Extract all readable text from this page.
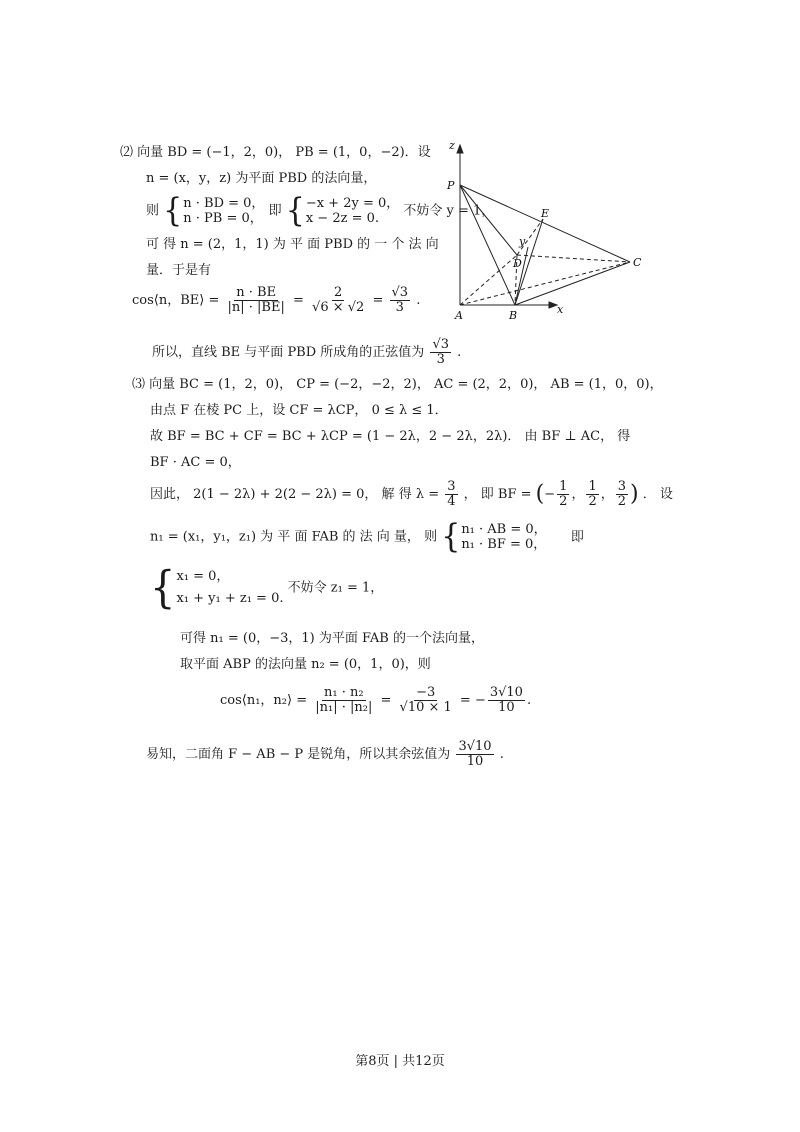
⑵ 向量 BD = (−1，2，0)， PB = (1，0，−2)．设
n = (x，y，z) 为平面 PBD 的法向量，
则 { n · BD = 0，
n · PB = 0， 即 { −x + 2y = 0，
x − 2z = 0.	不妨令 y = 1，
可 得 n = (2，1，1) 为 平 面 PBD 的 一 个 法 向
量．于是有
cos⟨n，BE⟩ = $\frac{n \cdot BE}{|n| \cdot |BE|} = \frac{2}{√6 \times √2} = \frac{√3}{3}$ .
所以，直线 BE 与平面 PBD 所成角的正弦值为 $\frac{√3}{3}$ .
z
P
E
y
D	C
A	B	x
⑶ 向量 BC = (1，2，0)， CP = (−2，−2，2)， AC = (2，2，0)， AB = (1，0，0)，
由点 F 在棱 PC 上，设 CF = λCP， 0 ≤ λ ≤ 1．
故 BF = BC + CF = BC + λCP = (1 − 2λ，2 − 2λ，2λ)． 由 BF ⊥ AC， 得
BF · AC = 0，
因此， 2(1 − 2λ) + 2(2 − 2λ) = 0， 解 得 $\lambda = \frac{3}{4}$ ， 即 BF = (− $\frac{1}{2}$ ， $\frac{1}{2}$ ， $\frac{3}{2}$ ) ． 设
n₁ = (x₁，y₁，z₁) 为 平 面 FAB 的 法 向 量， 则 { n₁ · AB = 0，
n₁ · BF = 0， 即
{ x₁ = 0，
x₁ + y₁ + z₁ = 0.
不妨令 z₁ = 1，
可得 n₁ = (0，−3，1) 为平面 FAB 的一个法向量，
取平面 ABP 的法向量 n₂ = (0，1，0)，则
cos⟨n₁，n₂⟩ = $\frac{\text{n₁ · n₂}}{\text{|n₁| · |n₂|}} = \frac{-3}{√10 \times 1}$ = − $\frac{3√10}{10}$ .
易知，二面角 F − AB − P 是锐角，所以其余弦值为 $\frac{3√10}{10}$ .
第8页 | 共12页
